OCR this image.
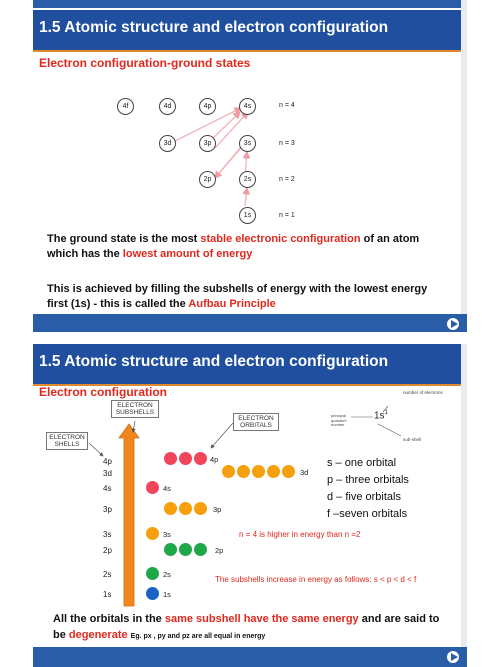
1.5 Atomic structure and electron configuration
Electron configuration-ground states
4f	4d	4p	4s	n = 4
3d	3p	3s	n = 3
2p	2s	n = 2
1s	n = 1
The ground state is the most stable electronic configuration of an atom which has the lowest amount of energy
This is achieved by filling the subshells of energy with the lowest energy first (1s) - this is called the Aufbau Principle
1.5 Atomic structure and electron configuration
Electron configuration
ELECTRON SUBSHELLS
ELECTRON ORBITALS
ELECTRON SHELLS
4p
3d
4s
3p
3s
2p
2s
1s
4p
3d
4s
3p
3s
2p
2s
1s
number of electrons
principal quantum number
$1s^1$
sub-shell
s – one orbital
p – three orbitals
d – five orbitals
f –seven orbitals
n = 4 is higher in energy than n =2
The subshells increase in energy as follows: s < p < d < f
All the orbitals in the same subshell have the same energy and are said to be degenerate Eg. px , py and pz are all equal in energy
